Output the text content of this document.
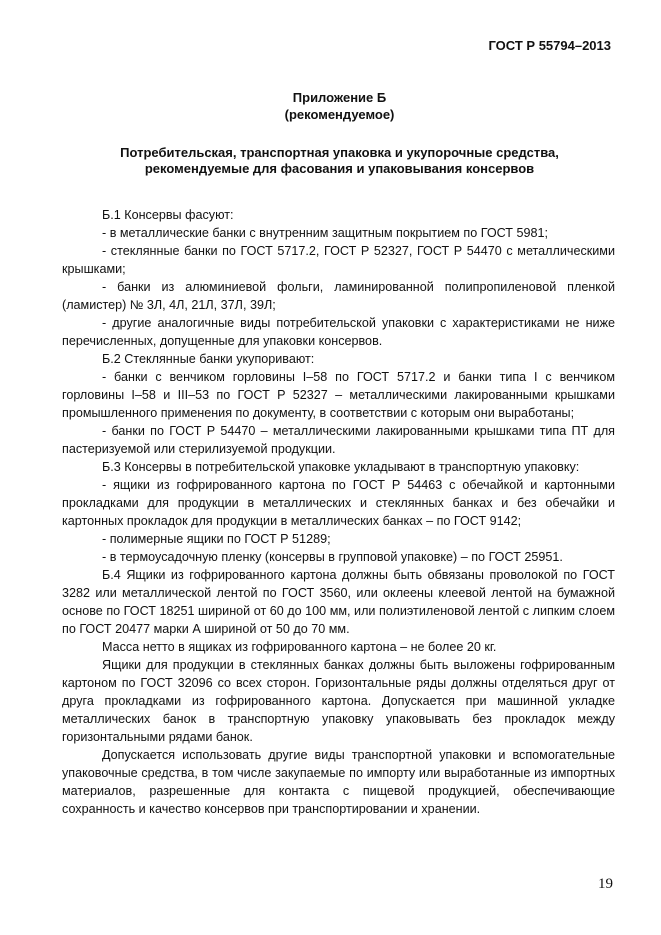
ГОСТ Р 55794–2013
Приложение Б
(рекомендуемое)
Потребительская, транспортная упаковка и укупорочные средства,
рекомендуемые для фасования и упаковывания консервов

Б.1 Консервы фасуют:

- в металлические банки с внутренним защитным покрытием по ГОСТ 5981;

- стеклянные банки по ГОСТ 5717.2, ГОСТ Р 52327, ГОСТ Р 54470 с металлическими крышками;

- банки из алюминиевой фольги, ламинированной полипропиленовой пленкой (ламистер) № 3Л, 4Л, 21Л, 37Л, 39Л;

- другие аналогичные виды потребительской упаковки с характеристиками не ниже перечисленных, допущенные для упаковки консервов.

Б.2 Стеклянные банки укупоривают:

- банки с венчиком горловины I–58 по ГОСТ 5717.2 и банки типа I с венчиком горловины I–58 и III–53 по ГОСТ Р 52327 – металлическими лакированными крышками промышленного применения по документу, в соответствии с которым они выработаны;

- банки по ГОСТ Р 54470 – металлическими лакированными крышками типа ПТ для пастеризуемой или стерилизуемой продукции.

Б.3 Консервы в потребительской упаковке укладывают в транспортную упаковку:

- ящики из гофрированного картона по ГОСТ Р 54463 с обечайкой и картонными прокладками для продукции в металлических и стеклянных банках и без обечайки и картонных прокладок для продукции в металлических банках – по ГОСТ 9142;

- полимерные ящики по ГОСТ Р 51289;

- в термоусадочную пленку (консервы в групповой упаковке) – по ГОСТ 25951.

Б.4 Ящики из гофрированного картона должны быть обвязаны проволокой по ГОСТ 3282 или металлической лентой по ГОСТ 3560, или оклеены клеевой лентой на бумажной основе по ГОСТ 18251 шириной от 60 до 100 мм, или полиэтиленовой лентой с липким слоем по ГОСТ 20477 марки А шириной от 50 до 70 мм.

Масса нетто в ящиках из гофрированного картона – не более 20 кг.

Ящики для продукции в стеклянных банках должны быть выложены гофрированным картоном по ГОСТ 32096 со всех сторон. Горизонтальные ряды должны отделяться друг от друга прокладками из гофрированного картона. Допускается при машинной укладке металлических банок в транспортную упаковку упаковывать без прокладок между горизонтальными рядами банок.

Допускается использовать другие виды транспортной упаковки и вспомогательные упаковочные средства, в том числе закупаемые по импорту или выработанные из импортных материалов, разрешенные для контакта с пищевой продукцией, обеспечивающие сохранность и качество консервов при транспортировании и хранении.

19
